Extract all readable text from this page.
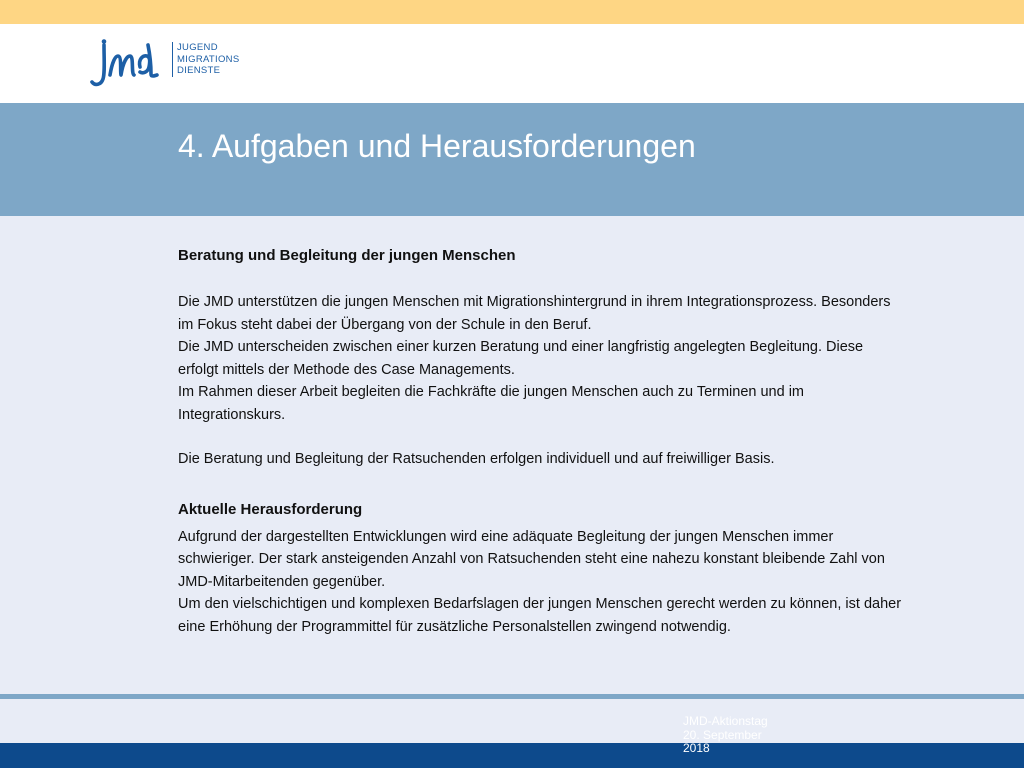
JUGEND
MIGRATIONS
DIENSTE
4. Aufgaben und Herausforderungen
Beratung und Begleitung der jungen Menschen
Die JMD unterstützen die jungen Menschen mit Migrationshintergrund in ihrem Integrationsprozess. Besonders
im Fokus steht dabei der Übergang von der Schule in den Beruf.
Die JMD unterscheiden zwischen einer kurzen Beratung und einer langfristig angelegten Begleitung. Diese
erfolgt mittels der Methode des Case Managements.
Im Rahmen dieser Arbeit begleiten die Fachkräfte die jungen Menschen auch zu Terminen und im
Integrationskurs.
Die Beratung und Begleitung der Ratsuchenden erfolgen individuell und auf freiwilliger Basis.
Aktuelle Herausforderung
Aufgrund der dargestellten Entwicklungen wird eine adäquate Begleitung der jungen Menschen immer
schwieriger. Der stark ansteigenden Anzahl von Ratsuchenden steht eine nahezu konstant bleibende Zahl von
JMD-Mitarbeitenden gegenüber.
Um den vielschichtigen und komplexen Bedarfslagen der jungen Menschen gerecht werden zu können, ist daher
eine Erhöhung der Programmittel für zusätzliche Personalstellen zwingend notwendig.
JMD-Aktionstag
20. September
2018
